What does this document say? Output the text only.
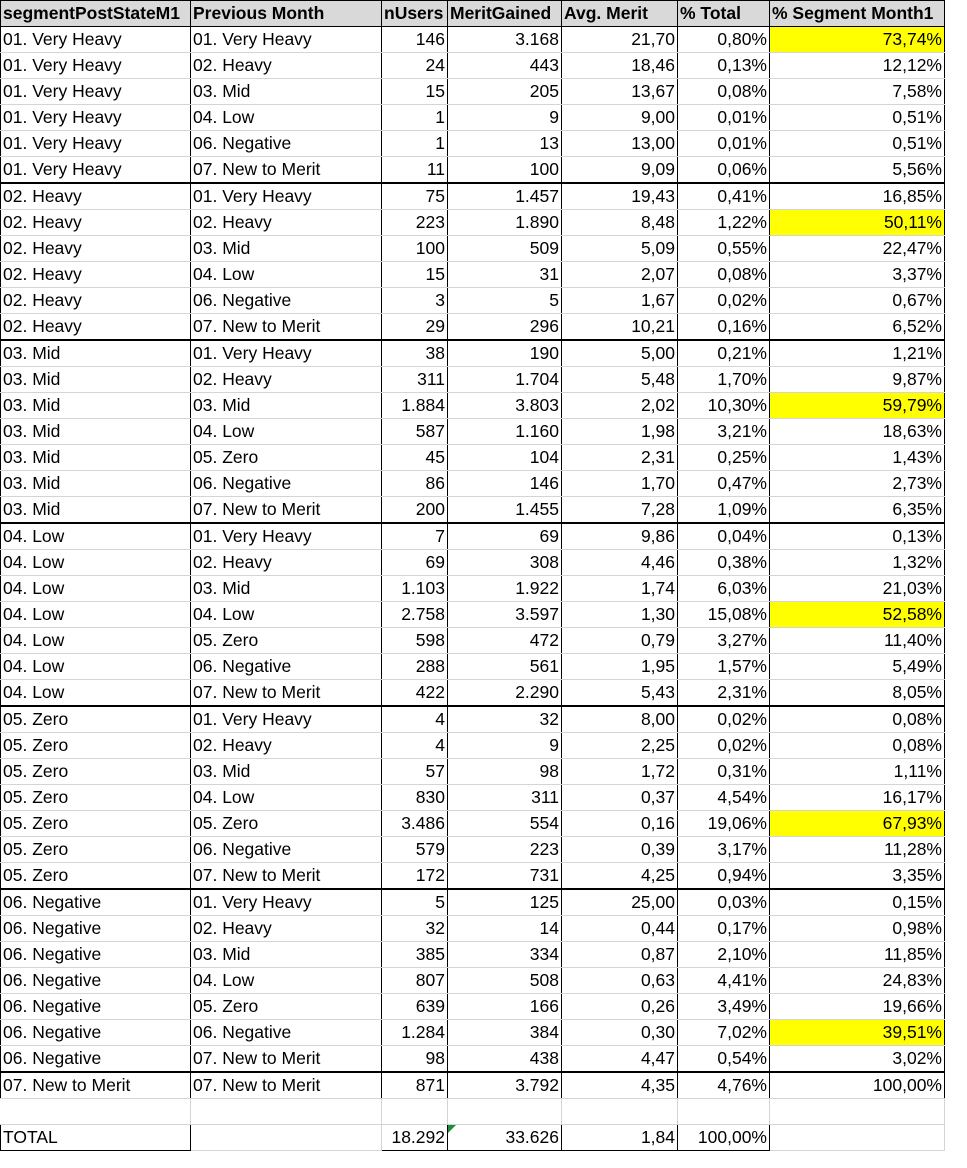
segmentPostStateM1	Previous Month	nUsers	MeritGained	Avg. Merit	% Total	% Segment Month1
01. Very Heavy	01. Very Heavy	146	3.168	21,70	0,80%	73,74%
01. Very Heavy	02. Heavy	24	443	18,46	0,13%	12,12%
01. Very Heavy	03. Mid	15	205	13,67	0,08%	7,58%
01. Very Heavy	04. Low	1	9	9,00	0,01%	0,51%
01. Very Heavy	06. Negative	1	13	13,00	0,01%	0,51%
01. Very Heavy	07. New to Merit	11	100	9,09	0,06%	5,56%
02. Heavy	01. Very Heavy	75	1.457	19,43	0,41%	16,85%
02. Heavy	02. Heavy	223	1.890	8,48	1,22%	50,11%
02. Heavy	03. Mid	100	509	5,09	0,55%	22,47%
02. Heavy	04. Low	15	31	2,07	0,08%	3,37%
02. Heavy	06. Negative	3	5	1,67	0,02%	0,67%
02. Heavy	07. New to Merit	29	296	10,21	0,16%	6,52%
03. Mid	01. Very Heavy	38	190	5,00	0,21%	1,21%
03. Mid	02. Heavy	311	1.704	5,48	1,70%	9,87%
03. Mid	03. Mid	1.884	3.803	2,02	10,30%	59,79%
03. Mid	04. Low	587	1.160	1,98	3,21%	18,63%
03. Mid	05. Zero	45	104	2,31	0,25%	1,43%
03. Mid	06. Negative	86	146	1,70	0,47%	2,73%
03. Mid	07. New to Merit	200	1.455	7,28	1,09%	6,35%
04. Low	01. Very Heavy	7	69	9,86	0,04%	0,13%
04. Low	02. Heavy	69	308	4,46	0,38%	1,32%
04. Low	03. Mid	1.103	1.922	1,74	6,03%	21,03%
04. Low	04. Low	2.758	3.597	1,30	15,08%	52,58%
04. Low	05. Zero	598	472	0,79	3,27%	11,40%
04. Low	06. Negative	288	561	1,95	1,57%	5,49%
04. Low	07. New to Merit	422	2.290	5,43	2,31%	8,05%
05. Zero	01. Very Heavy	4	32	8,00	0,02%	0,08%
05. Zero	02. Heavy	4	9	2,25	0,02%	0,08%
05. Zero	03. Mid	57	98	1,72	0,31%	1,11%
05. Zero	04. Low	830	311	0,37	4,54%	16,17%
05. Zero	05. Zero	3.486	554	0,16	19,06%	67,93%
05. Zero	06. Negative	579	223	0,39	3,17%	11,28%
05. Zero	07. New to Merit	172	731	4,25	0,94%	3,35%
06. Negative	01. Very Heavy	5	125	25,00	0,03%	0,15%
06. Negative	02. Heavy	32	14	0,44	0,17%	0,98%
06. Negative	03. Mid	385	334	0,87	2,10%	11,85%
06. Negative	04. Low	807	508	0,63	4,41%	24,83%
06. Negative	05. Zero	639	166	0,26	3,49%	19,66%
06. Negative	06. Negative	1.284	384	0,30	7,02%	39,51%
06. Negative	07. New to Merit	98	438	4,47	0,54%	3,02%
07. New to Merit	07. New to Merit	871	3.792	4,35	4,76%	100,00%

TOTAL		18.292	33.626	1,84	100,00%	
